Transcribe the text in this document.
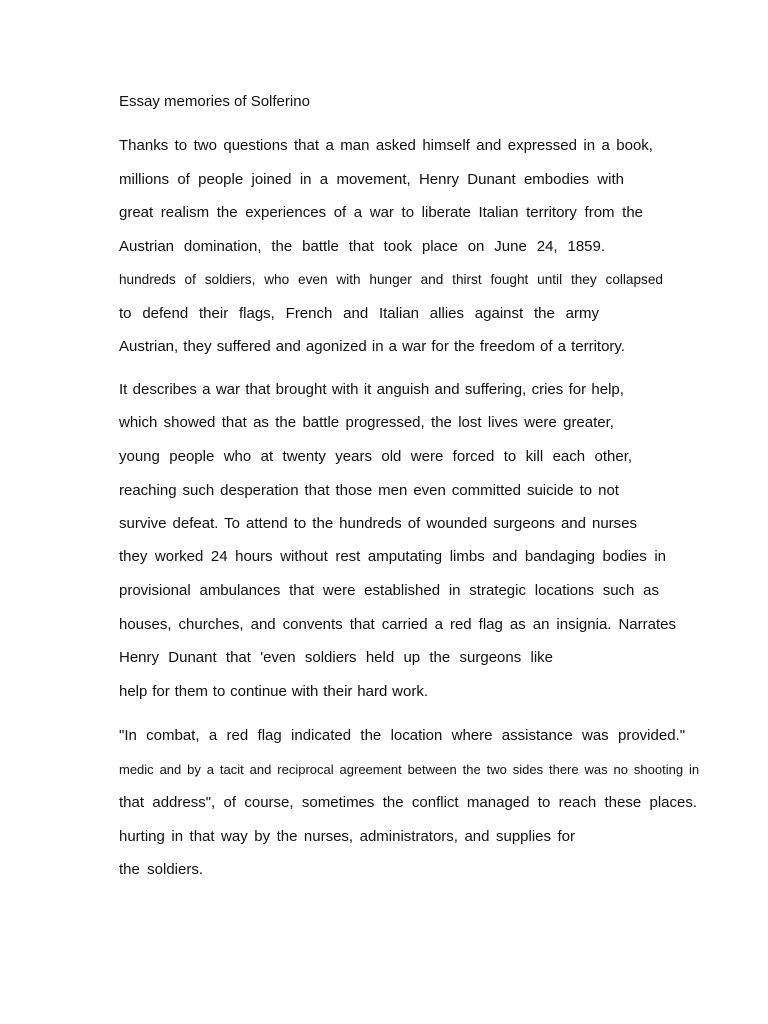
Essay memories of Solferino
Thanks to two questions that a man asked himself and expressed in a book,
millions of people joined in a movement, Henry Dunant embodies with
great realism the experiences of a war to liberate Italian territory from the
Austrian domination, the battle that took place on June 24, 1859.
hundreds of soldiers, who even with hunger and thirst fought until they collapsed
to defend their flags, French and Italian allies against the army
Austrian, they suffered and agonized in a war for the freedom of a territory.
It describes a war that brought with it anguish and suffering, cries for help,
which showed that as the battle progressed, the lost lives were greater,
young people who at twenty years old were forced to kill each other,
reaching such desperation that those men even committed suicide to not
survive defeat. To attend to the hundreds of wounded surgeons and nurses
they worked 24 hours without rest amputating limbs and bandaging bodies in
provisional ambulances that were established in strategic locations such as
houses, churches, and convents that carried a red flag as an insignia. Narrates
Henry Dunant that 'even soldiers held up the surgeons like
help for them to continue with their hard work.
"In combat, a red flag indicated the location where assistance was provided."
medic and by a tacit and reciprocal agreement between the two sides there was no shooting in
that address", of course, sometimes the conflict managed to reach these places.
hurting in that way by the nurses, administrators, and supplies for
the soldiers.
